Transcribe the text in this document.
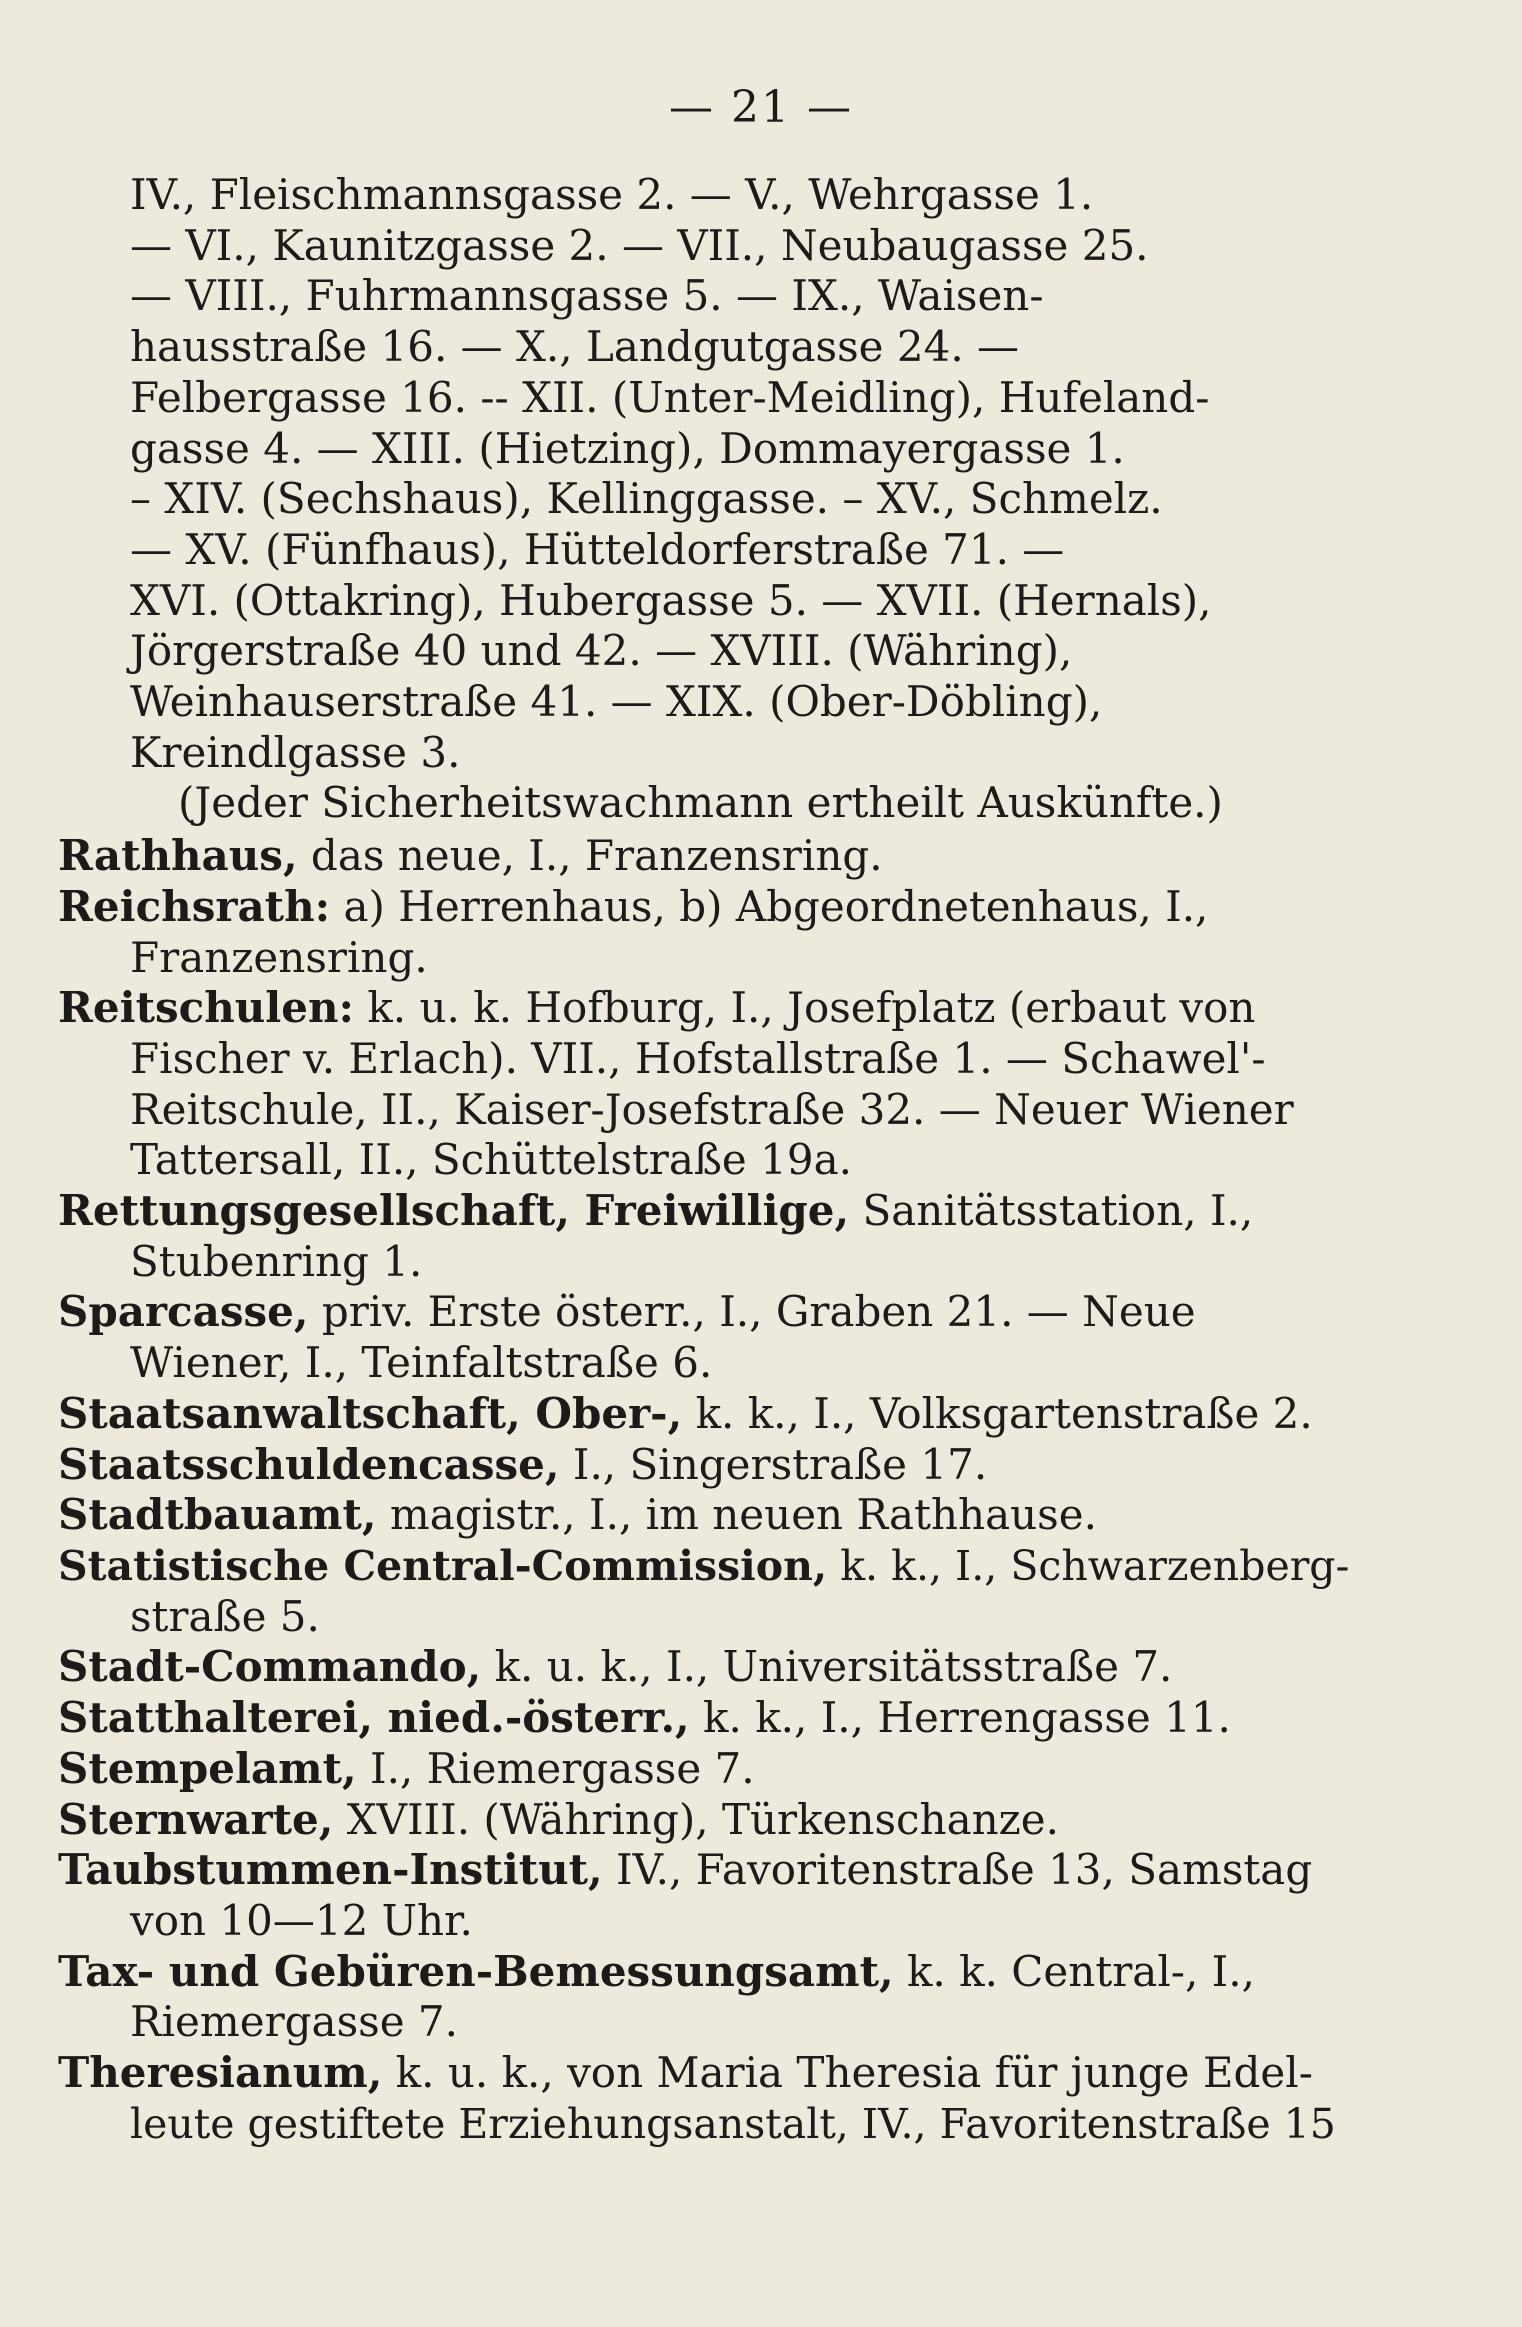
— 21 —
IV., Fleischmannsgasse 2. — V., Wehrgasse 1.
— VI., Kaunitzgasse 2. — VII., Neubaugasse 25.
— VIII., Fuhrmannsgasse 5. — IX., Waisen-
hausstraße 16. — X., Landgutgasse 24. —
Felbergasse 16. -- XII. (Unter-Meidling), Hufeland-
gasse 4. — XIII. (Hietzing), Dommayergasse 1.
– XIV. (Sechshaus), Kellinggasse. – XV., Schmelz.
— XV. (Fünfhaus), Hütteldorferstraße 71. —
XVI. (Ottakring), Hubergasse 5. — XVII. (Hernals),
Jörgerstraße 40 und 42. — XVIII. (Währing),
Weinhauserstraße 41. — XIX. (Ober-Döbling),
Kreindlgasse 3.
(Jeder Sicherheitswachmann ertheilt Auskünfte.)
Rathhaus, das neue, I., Franzensring.
Reichsrath: a) Herrenhaus, b) Abgeordnetenhaus, I.,
Franzensring.
Reitschulen: k. u. k. Hofburg, I., Josefplatz (erbaut von
Fischer v. Erlach). VII., Hofstallstraße 1. — Schawel'-
Reitschule, II., Kaiser-Josefstraße 32. — Neuer Wiener
Tattersall, II., Schüttelstraße 19a.
Rettungsgesellschaft, Freiwillige, Sanitätsstation, I.,
Stubenring 1.
Sparcasse, priv. Erste österr., I., Graben 21. — Neue
Wiener, I., Teinfaltstraße 6.
Staatsanwaltschaft, Ober-, k. k., I., Volksgartenstraße 2.
Staatsschuldencasse, I., Singerstraße 17.
Stadtbauamt, magistr., I., im neuen Rathhause.
Statistische Central-Commission, k. k., I., Schwarzenberg-
straße 5.
Stadt-Commando, k. u. k., I., Universitätsstraße 7.
Statthalterei, nied.-österr., k. k., I., Herrengasse 11.
Stempelamt, I., Riemergasse 7.
Sternwarte, XVIII. (Währing), Türkenschanze.
Taubstummen-Institut, IV., Favoritenstraße 13, Samstag
von 10—12 Uhr.
Tax- und Gebüren-Bemessungsamt, k. k. Central-, I.,
Riemergasse 7.
Theresianum, k. u. k., von Maria Theresia für junge Edel-
leute gestiftete Erziehungsanstalt, IV., Favoritenstraße 15
